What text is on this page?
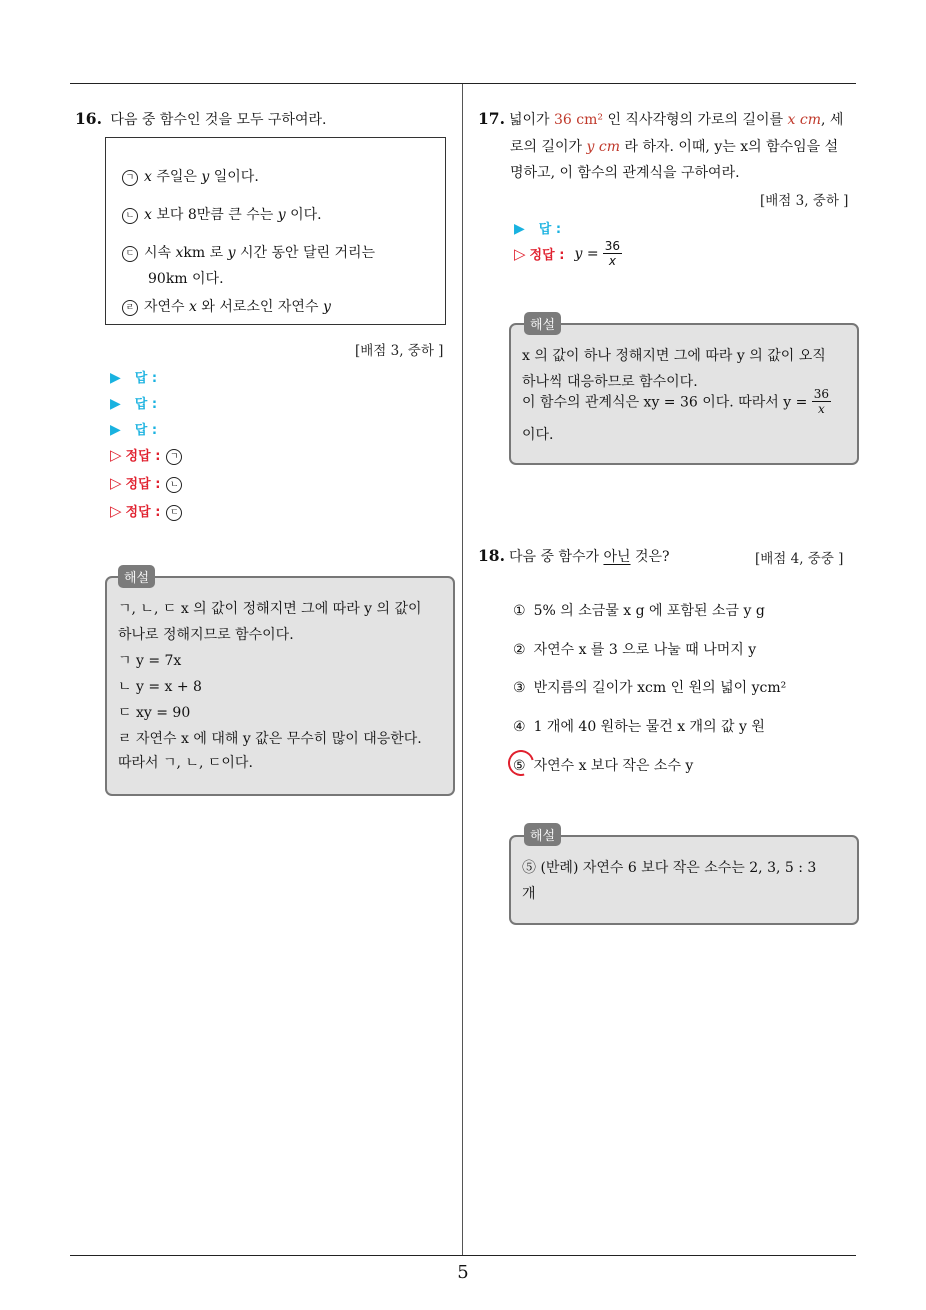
5
16. 다음 중 함수인 것을 모두 구하여라.
ㄱ x 주일은 y 일이다.
ㄴ x 보다 8만큼 큰 수는 y 이다.
ㄷ 시속 xkm 로 y 시간 동안 달린 거리는
90km 이다.
ㄹ 자연수 x 와 서로소인 자연수 y
[배점 3, 중하 ]
▶ 답 :
▶ 답 :
▶ 답 :
▷ 정답 : ㄱ
▷ 정답 : ㄴ
▷ 정답 : ㄷ
해설
ㄱ, ㄴ, ㄷ x 의 값이 정해지면 그에 따라 y 의 값이
하나로 정해지므로 함수이다.
ㄱ y = 7x
ㄴ y = x + 8
ㄷ xy = 90
ㄹ 자연수 x 에 대해 y 값은 무수히 많이 대응한다.
따라서 ㄱ, ㄴ, ㄷ이다.
17. 넓이가 36 cm² 인 직사각형의 가로의 길이를 x cm, 세
로의 길이가 y cm 라 하자. 이때, y는 x의 함수임을 설
명하고, 이 함수의 관계식을 구하여라.
[배점 3, 중하 ]
▶ 답 :
▷ 정답 : $y = \frac{36}{x}$
해설
x 의 값이 하나 정해지면 그에 따라 y 의 값이 오직
하나씩 대응하므로 함수이다.
이 함수의 관계식은 xy = 36 이다. 따라서 $y = \frac{36}{x}$
이다.
18. 다음 중 함수가 아닌 것은?	[배점 4, 중중 ]
① 5% 의 소금물 x g 에 포함된 소금 y g
② 자연수 x 를 3 으로 나눌 때 나머지 y
③ 반지름의 길이가 xcm 인 원의 넓이 ycm²
④ 1 개에 40 원하는 물건 x 개의 값 y 원
⑤ 자연수 x 보다 작은 소수 y
해설
⑤ (반례) 자연수 6 보다 작은 소수는 2, 3, 5 : 3
개
